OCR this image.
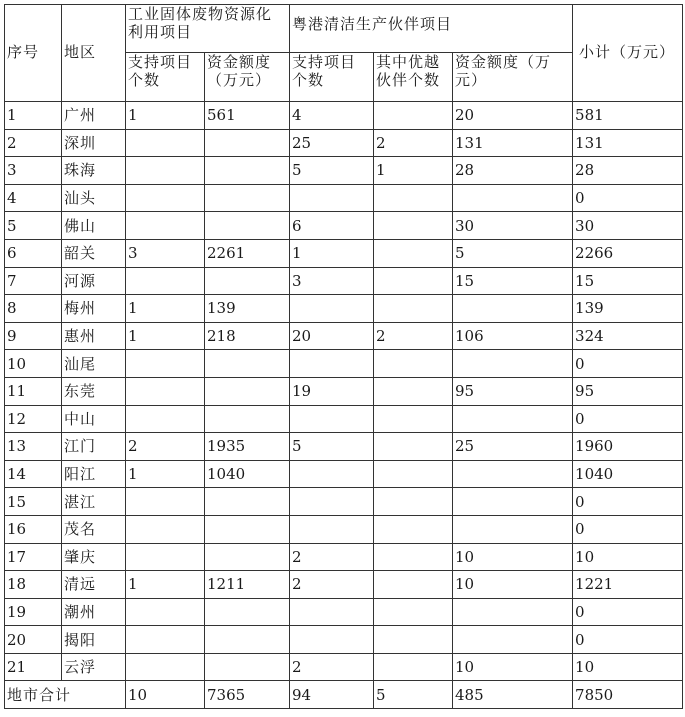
序号	地区	工业固体废物资源化利用项目		粤港清洁生产伙伴项目			小计（万元）
		支持项目个数	资金额度（万元）	支持项目个数	其中优越伙伴个数	资金额度（万元）	
1	广州	1	561	4		20	581
2	深圳			25	2	131	131
3	珠海			5	1	28	28
4	汕头						0
5	佛山			6		30	30
6	韶关	3	2261	1		5	2266
7	河源			3		15	15
8	梅州	1	139				139
9	惠州	1	218	20	2	106	324
10	汕尾						0
11	东莞			19		95	95
12	中山						0
13	江门	2	1935	5		25	1960
14	阳江	1	1040				1040
15	湛江						0
16	茂名						0
17	肇庆			2		10	10
18	清远	1	1211	2		10	1221
19	潮州						0
20	揭阳						0
21	云浮			2		10	10
地市合计		10	7365	94	5	485	7850
